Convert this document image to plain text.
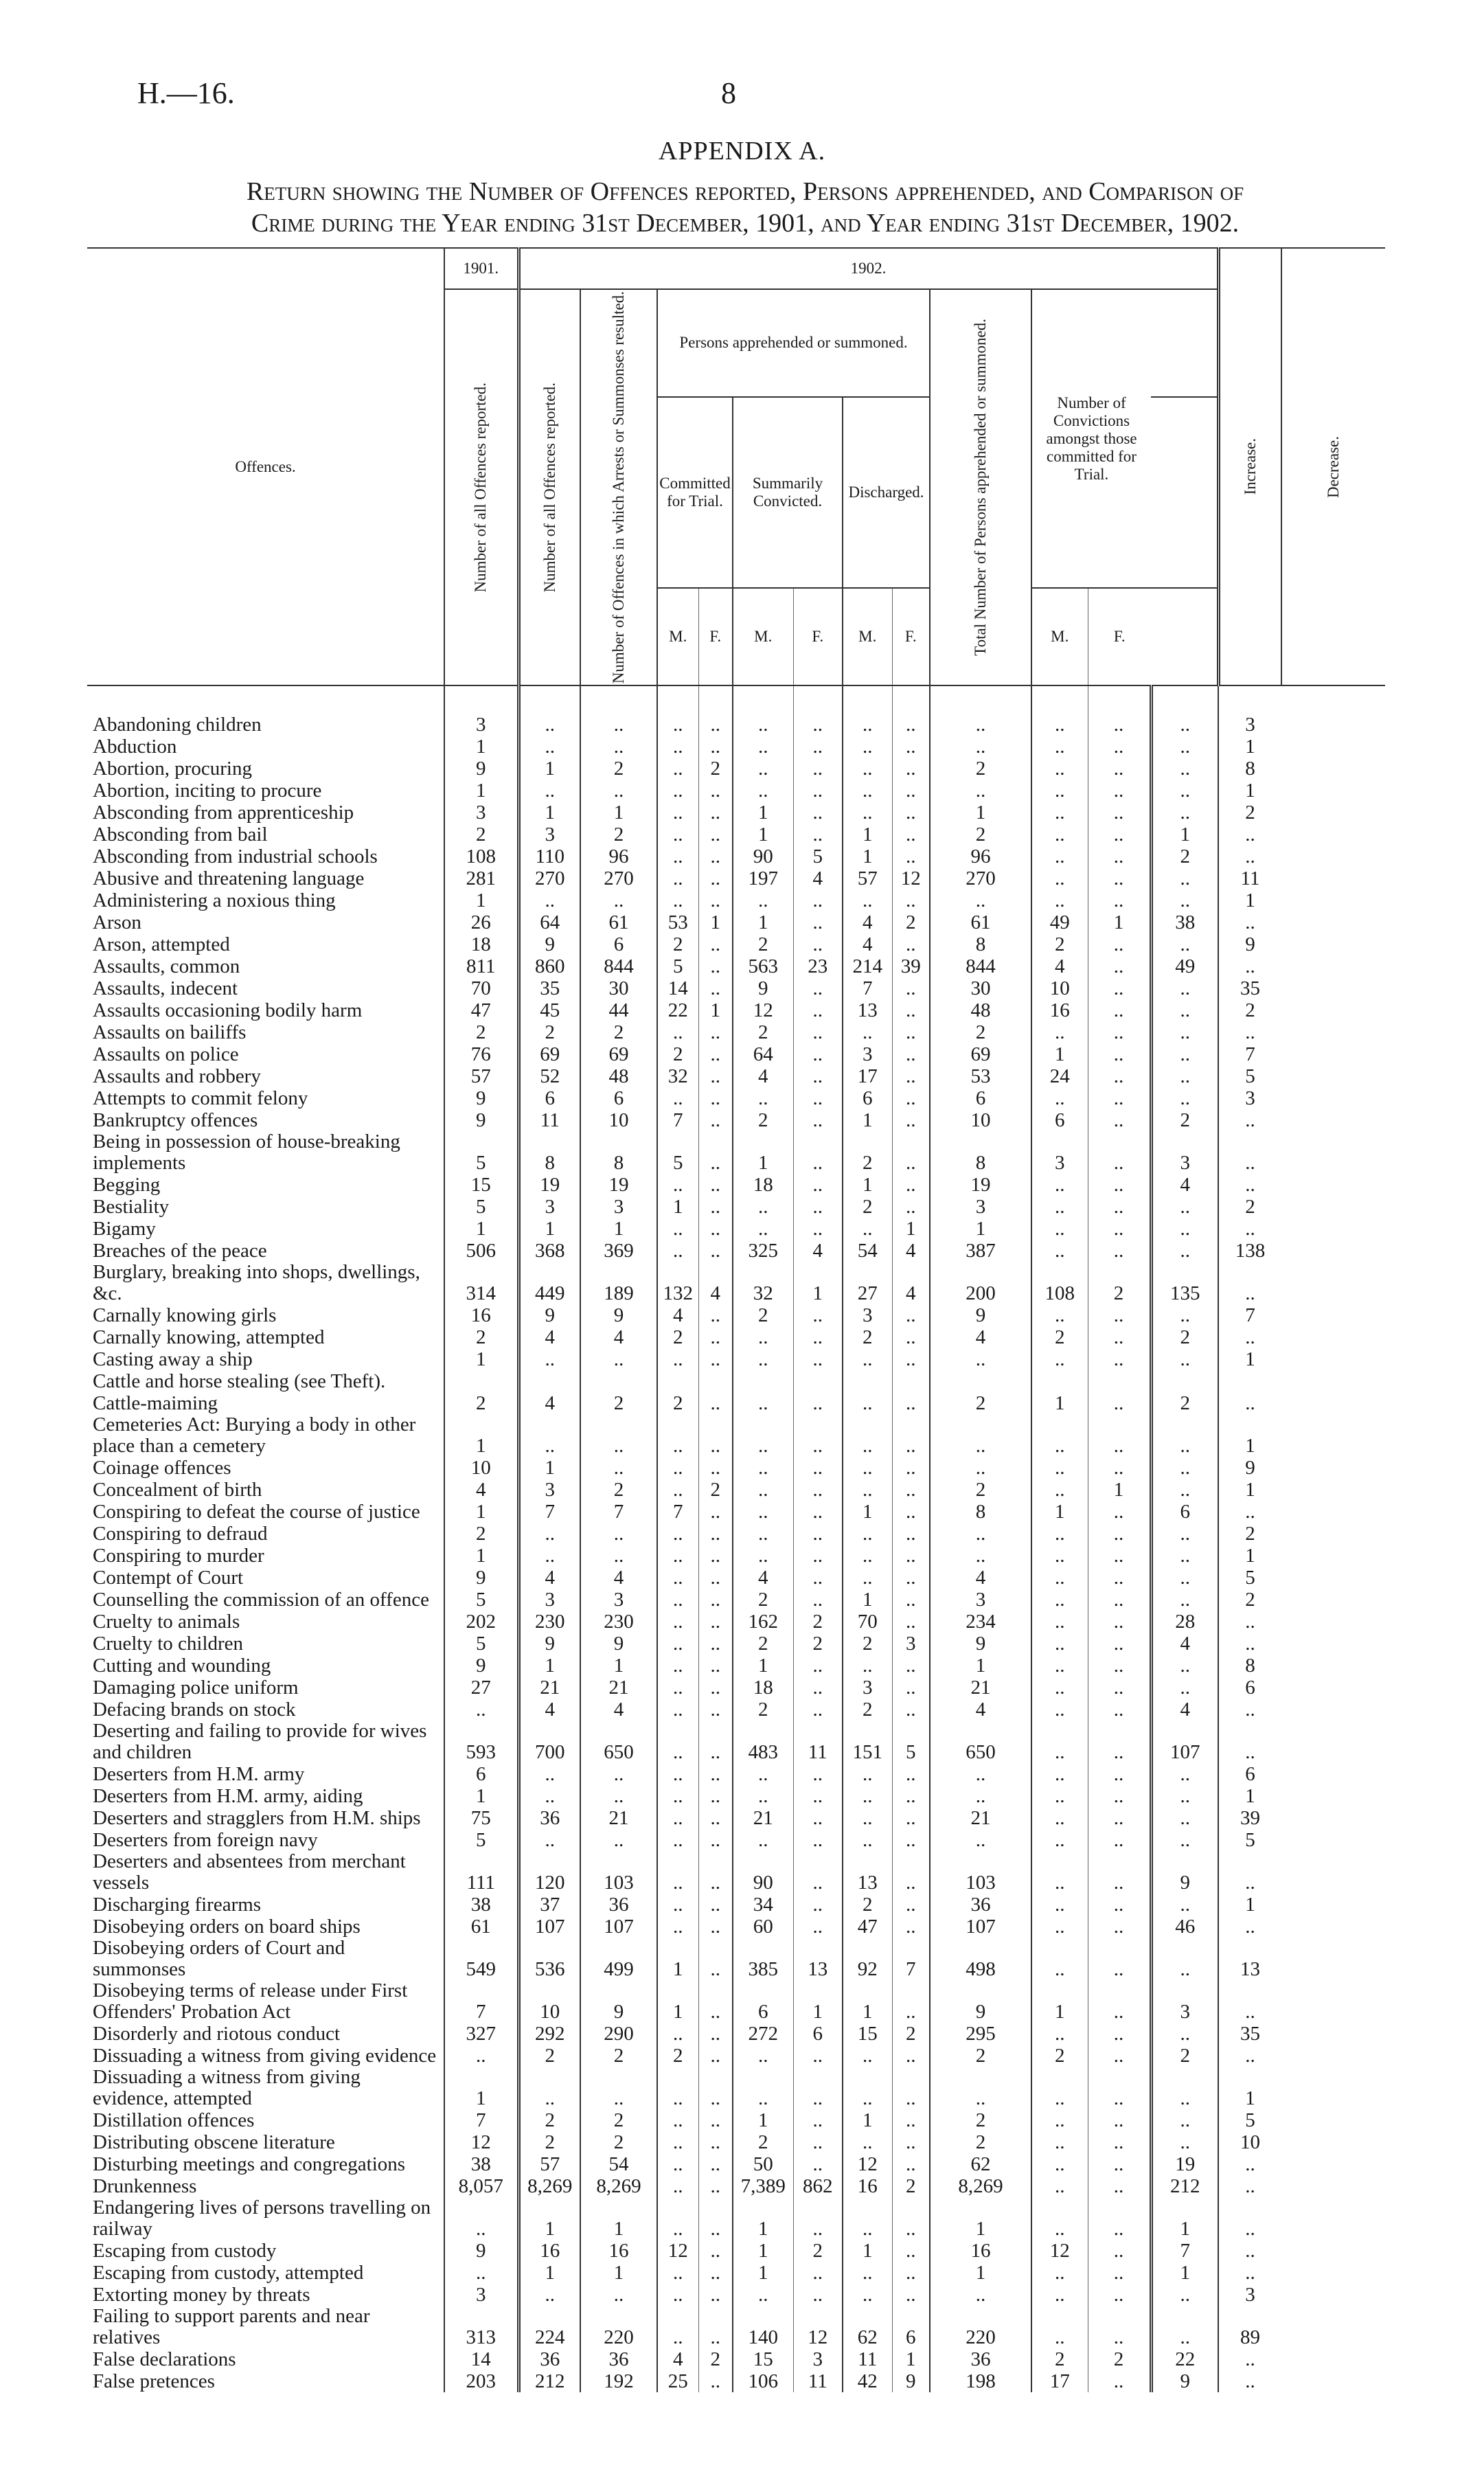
H.—16.	8
APPENDIX A.
Return showing the Number of Offences reported, Persons apprehended, and Comparison of
Crime during the Year ending 31st December, 1901, and Year ending 31st December, 1902.
Offences.	1901.	1902.												Increase.	Decrease.

	Number of all Offences reported.	Number of all Offences reported.	Number of Offences in which Arrests or Summonses resulted.	Persons apprehended or summoned.						Total Number of Persons apprehended or summoned.	Number of Convictions amongst those committed for Trial.				
				Committed for Trial.		Summarily Convicted.		Discharged.							
				M.	F.	M.	F.	M.	F.		M.	F.			
Abandoning children	3	..	..	..	..	..	..	..	..	..	..	..	..	3	
Abduction	1	..	..	..	..	..	..	..	..	..	..	..	..	1	
Abortion, procuring	9	1	2	..	2	..	..	..	..	2	..	..	..	8	
Abortion, inciting to procure	1	..	..	..	..	..	..	..	..	..	..	..	..	1	
Absconding from apprenticeship	3	1	1	..	..	1	..	..	..	1	..	..	..	2	
Absconding from bail	2	3	2	..	..	1	..	1	..	2	..	..	1	..	
Absconding from industrial schools	108	110	96	..	..	90	5	1	..	96	..	..	2	..	
Abusive and threatening language	281	270	270	..	..	197	4	57	12	270	..	..	..	11	
Administering a noxious thing	1	..	..	..	..	..	..	..	..	..	..	..	..	1	
Arson	26	64	61	53	1	1	..	4	2	61	49	1	38	..	
Arson, attempted	18	9	6	2	..	2	..	4	..	8	2	..	..	9	
Assaults, common	811	860	844	5	..	563	23	214	39	844	4	..	49	..	
Assaults, indecent	70	35	30	14	..	9	..	7	..	30	10	..	..	35	
Assaults occasioning bodily harm	47	45	44	22	1	12	..	13	..	48	16	..	..	2	
Assaults on bailiffs	2	2	2	..	..	2	..	..	..	2	..	..	..	..	
Assaults on police	76	69	69	2	..	64	..	3	..	69	1	..	..	7	
Assaults and robbery	57	52	48	32	..	4	..	17	..	53	24	..	..	5	
Attempts to commit felony	9	6	6	..	..	..	..	6	..	6	..	..	..	3	
Bankruptcy offences	9	11	10	7	..	2	..	1	..	10	6	..	2	..	
Being in possession of house-breaking implements	5	8	8	5	..	1	..	2	..	8	3	..	3	..	
Begging	15	19	19	..	..	18	..	1	..	19	..	..	4	..	
Bestiality	5	3	3	1	..	..	..	2	..	3	..	..	..	2	
Bigamy	1	1	1	..	..	..	..	..	1	1	..	..	..	..	
Breaches of the peace	506	368	369	..	..	325	4	54	4	387	..	..	..	138	
Burglary, breaking into shops, dwellings, &c.	314	449	189	132	4	32	1	27	4	200	108	2	135	..	
Carnally knowing girls	16	9	9	4	..	2	..	3	..	9	..	..	..	7	
Carnally knowing, attempted	2	4	4	2	..	..	..	2	..	4	2	..	2	..	
Casting away a ship	1	..	..	..	..	..	..	..	..	..	..	..	..	1	
Cattle and horse stealing (see Theft).															
Cattle-maiming	2	4	2	2	..	..	..	..	..	2	1	..	2	..	
Cemeteries Act: Burying a body in other place than a cemetery	1	..	..	..	..	..	..	..	..	..	..	..	..	1	
Coinage offences	10	1	..	..	..	..	..	..	..	..	..	..	..	9	
Concealment of birth	4	3	2	..	2	..	..	..	..	2	..	1	..	1	
Conspiring to defeat the course of justice	1	7	7	7	..	..	..	1	..	8	1	..	6	..	
Conspiring to defraud	2	..	..	..	..	..	..	..	..	..	..	..	..	2	
Conspiring to murder	1	..	..	..	..	..	..	..	..	..	..	..	..	1	
Contempt of Court	9	4	4	..	..	4	..	..	..	4	..	..	..	5	
Counselling the commission of an offence	5	3	3	..	..	2	..	1	..	3	..	..	..	2	
Cruelty to animals	202	230	230	..	..	162	2	70	..	234	..	..	28	..	
Cruelty to children	5	9	9	..	..	2	2	2	3	9	..	..	4	..	
Cutting and wounding	9	1	1	..	..	1	..	..	..	1	..	..	..	8	
Damaging police uniform	27	21	21	..	..	18	..	3	..	21	..	..	..	6	
Defacing brands on stock	..	4	4	..	..	2	..	2	..	4	..	..	4	..	
Deserting and failing to provide for wives and children	593	700	650	..	..	483	11	151	5	650	..	..	107	..	
Deserters from H.M. army	6	..	..	..	..	..	..	..	..	..	..	..	..	6	
Deserters from H.M. army, aiding	1	..	..	..	..	..	..	..	..	..	..	..	..	1	
Deserters and stragglers from H.M. ships	75	36	21	..	..	21	..	..	..	21	..	..	..	39	
Deserters from foreign navy	5	..	..	..	..	..	..	..	..	..	..	..	..	5	
Deserters and absentees from merchant vessels	111	120	103	..	..	90	..	13	..	103	..	..	9	..	
Discharging firearms	38	37	36	..	..	34	..	2	..	36	..	..	..	1	
Disobeying orders on board ships	61	107	107	..	..	60	..	47	..	107	..	..	46	..	
Disobeying orders of Court and summonses	549	536	499	1	..	385	13	92	7	498	..	..	..	13	
Disobeying terms of release under First Offenders' Probation Act	7	10	9	1	..	6	1	1	..	9	1	..	3	..	
Disorderly and riotous conduct	327	292	290	..	..	272	6	15	2	295	..	..	..	35	
Dissuading a witness from giving evidence	..	2	2	2	..	..	..	..	..	2	2	..	2	..	
Dissuading a witness from giving evidence, attempted	1	..	..	..	..	..	..	..	..	..	..	..	..	1	
Distillation offences	7	2	2	..	..	1	..	1	..	2	..	..	..	5	
Distributing obscene literature	12	2	2	..	..	2	..	..	..	2	..	..	..	10	
Disturbing meetings and congregations	38	57	54	..	..	50	..	12	..	62	..	..	19	..	
Drunkenness	8,057	8,269	8,269	..	..	7,389	862	16	2	8,269	..	..	212	..	
Endangering lives of persons travelling on railway	..	1	1	..	..	1	..	..	..	1	..	..	1	..	
Escaping from custody	9	16	16	12	..	1	2	1	..	16	12	..	7	..	
Escaping from custody, attempted	..	1	1	..	..	1	..	..	..	1	..	..	1	..	
Extorting money by threats	3	..	..	..	..	..	..	..	..	..	..	..	..	3	
Failing to support parents and near relatives	313	224	220	..	..	140	12	62	6	220	..	..	..	89	
False declarations	14	36	36	4	2	15	3	11	1	36	2	2	22	..	
False pretences	203	212	192	25	..	106	11	42	9	198	17	..	9	..	
